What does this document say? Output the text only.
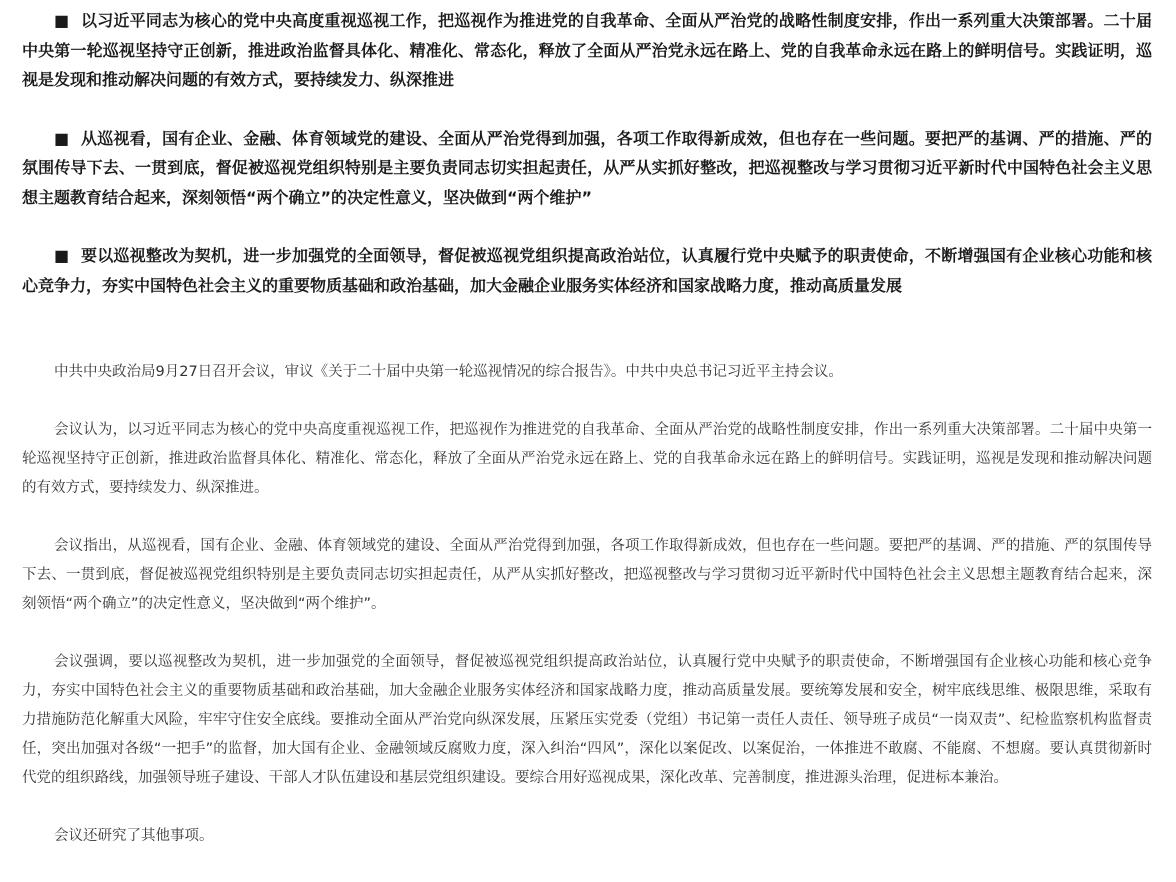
■ 以习近平同志为核心的党中央高度重视巡视工作，把巡视作为推进党的自我革命、全面从严治党的战略性制度安排，作出一系列重大决策部署。二十届中央第一轮巡视坚持守正创新，推进政治监督具体化、精准化、常态化，释放了全面从严治党永远在路上、党的自我革命永远在路上的鲜明信号。实践证明，巡视是发现和推动解决问题的有效方式，要持续发力、纵深推进

■ 从巡视看，国有企业、金融、体育领域党的建设、全面从严治党得到加强，各项工作取得新成效，但也存在一些问题。要把严的基调、严的措施、严的氛围传导下去、一贯到底，督促被巡视党组织特别是主要负责同志切实担起责任，从严从实抓好整改，把巡视整改与学习贯彻习近平新时代中国特色社会主义思想主题教育结合起来，深刻领悟“两个确立”的决定性意义，坚决做到“两个维护”

■ 要以巡视整改为契机，进一步加强党的全面领导，督促被巡视党组织提高政治站位，认真履行党中央赋予的职责使命，不断增强国有企业核心功能和核心竞争力，夯实中国特色社会主义的重要物质基础和政治基础，加大金融企业服务实体经济和国家战略力度，推动高质量发展

中共中央政治局9月27日召开会议，审议《关于二十届中央第一轮巡视情况的综合报告》。中共中央总书记习近平主持会议。

会议认为，以习近平同志为核心的党中央高度重视巡视工作，把巡视作为推进党的自我革命、全面从严治党的战略性制度安排，作出一系列重大决策部署。二十届中央第一轮巡视坚持守正创新，推进政治监督具体化、精准化、常态化，释放了全面从严治党永远在路上、党的自我革命永远在路上的鲜明信号。实践证明，巡视是发现和推动解决问题的有效方式，要持续发力、纵深推进。

会议指出，从巡视看，国有企业、金融、体育领域党的建设、全面从严治党得到加强，各项工作取得新成效，但也存在一些问题。要把严的基调、严的措施、严的氛围传导下去、一贯到底，督促被巡视党组织特别是主要负责同志切实担起责任，从严从实抓好整改，把巡视整改与学习贯彻习近平新时代中国特色社会主义思想主题教育结合起来，深刻领悟“两个确立”的决定性意义，坚决做到“两个维护”。

会议强调，要以巡视整改为契机，进一步加强党的全面领导，督促被巡视党组织提高政治站位，认真履行党中央赋予的职责使命，不断增强国有企业核心功能和核心竞争力，夯实中国特色社会主义的重要物质基础和政治基础，加大金融企业服务实体经济和国家战略力度，推动高质量发展。要统筹发展和安全，树牢底线思维、极限思维，采取有力措施防范化解重大风险，牢牢守住安全底线。要推动全面从严治党向纵深发展，压紧压实党委（党组）书记第一责任人责任、领导班子成员“一岗双责”、纪检监察机构监督责任，突出加强对各级“一把手”的监督，加大国有企业、金融领域反腐败力度，深入纠治“四风”，深化以案促改、以案促治，一体推进不敢腐、不能腐、不想腐。要认真贯彻新时代党的组织路线，加强领导班子建设、干部人才队伍建设和基层党组织建设。要综合用好巡视成果，深化改革、完善制度，推进源头治理，促进标本兼治。

会议还研究了其他事项。
